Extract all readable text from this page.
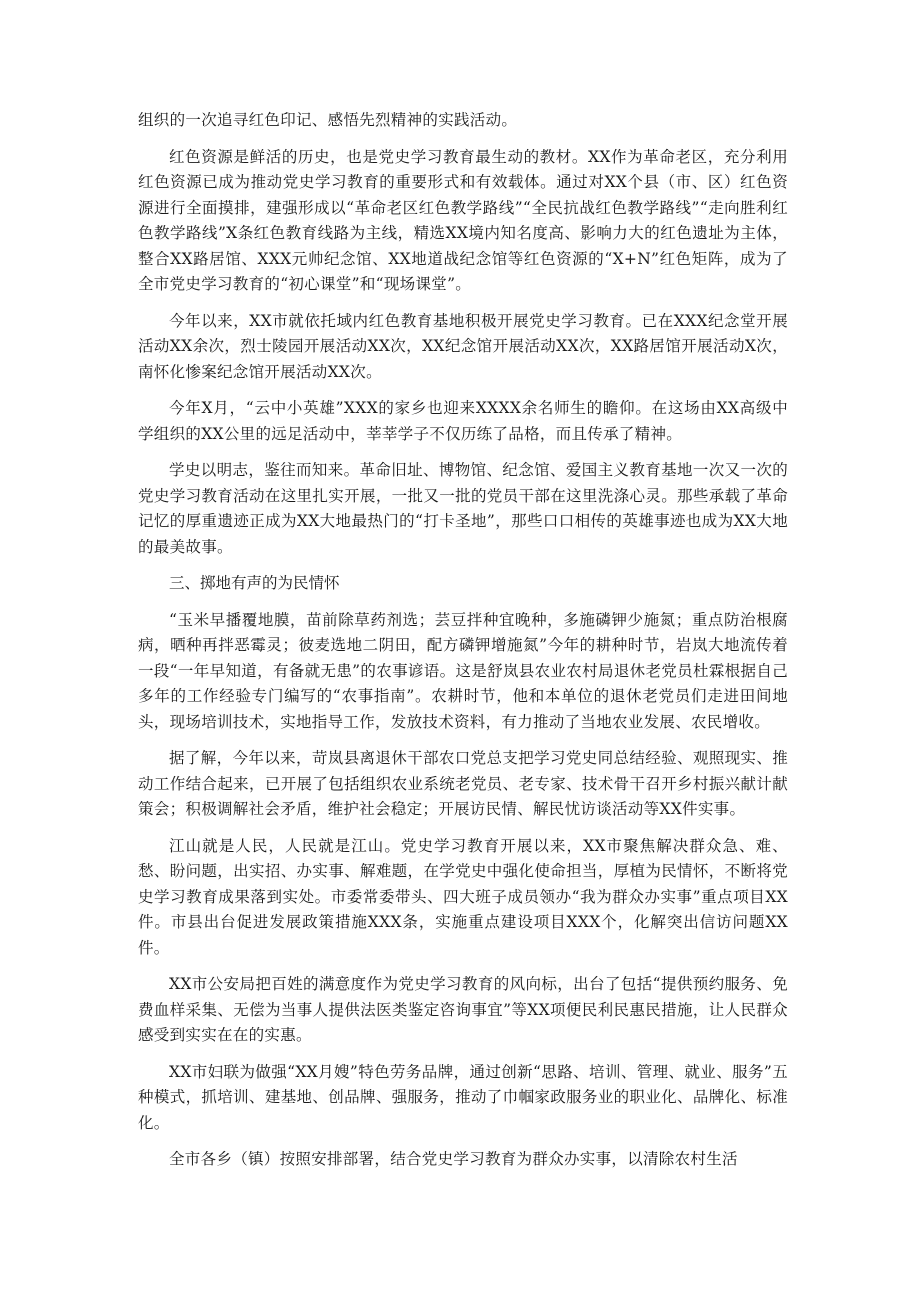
组织的一次追寻红色印记、感悟先烈精神的实践活动。

红色资源是鲜活的历史，也是党史学习教育最生动的教材。XX作为革命老区，充分利用红色资源已成为推动党史学习教育的重要形式和有效载体。通过对XX个县（市、区）红色资源进行全面摸排，建强形成以“革命老区红色教学路线”“全民抗战红色教学路线”“走向胜利红色教学路线”X条红色教育线路为主线，精选XX境内知名度高、影响力大的红色遗址为主体，整合XX路居馆、XXX元帅纪念馆、XX地道战纪念馆等红色资源的“X+N”红色矩阵，成为了全市党史学习教育的“初心课堂”和“现场课堂”。

今年以来，XX市就依托域内红色教育基地积极开展党史学习教育。已在XXX纪念堂开展活动XX余次，烈士陵园开展活动XX次，XX纪念馆开展活动XX次，XX路居馆开展活动X次，南怀化惨案纪念馆开展活动XX次。

今年X月，“云中小英雄”XXX的家乡也迎来XXXX余名师生的瞻仰。在这场由XX高级中学组织的XX公里的远足活动中，莘莘学子不仅历练了品格，而且传承了精神。

学史以明志，鉴往而知来。革命旧址、博物馆、纪念馆、爱国主义教育基地一次又一次的党史学习教育活动在这里扎实开展，一批又一批的党员干部在这里洗涤心灵。那些承载了革命记忆的厚重遗迹正成为XX大地最热门的“打卡圣地”，那些口口相传的英雄事迹也成为XX大地的最美故事。

三、掷地有声的为民情怀

“玉米早播覆地膜，苗前除草药剂选；芸豆拌种宜晚种，多施磷钾少施氮；重点防治根腐病，晒种再拌恶霉灵；彼麦选地二阴田，配方磷钾增施氮”今年的耕种时节，岩岚大地流传着一段“一年早知道，有备就无患”的农事谚语。这是舒岚县农业农村局退休老党员杜霖根据自己多年的工作经验专门编写的“农事指南”。农耕时节，他和本单位的退休老党员们走进田间地头，现场培训技术，实地指导工作，发放技术资料，有力推动了当地农业发展、农民增收。

据了解，今年以来，苛岚县离退休干部农口党总支把学习党史同总结经验、观照现实、推动工作结合起来，已开展了包括组织农业系统老党员、老专家、技术骨干召开乡村振兴献计献策会；积极调解社会矛盾，维护社会稳定；开展访民情、解民忧访谈活动等XX件实事。

江山就是人民，人民就是江山。党史学习教育开展以来，XX市聚焦解决群众急、难、愁、盼问题，出实招、办实事、解难题，在学党史中强化使命担当，厚植为民情怀，不断将党史学习教育成果落到实处。市委常委带头、四大班子成员领办“我为群众办实事”重点项目XX件。市县出台促进发展政策措施XXX条，实施重点建设项目XXX个，化解突出信访问题XX件。

XX市公安局把百姓的满意度作为党史学习教育的风向标，出台了包括“提供预约服务、免费血样采集、无偿为当事人提供法医类鉴定咨询事宜”等XX项便民利民惠民措施，让人民群众感受到实实在在的实惠。

XX市妇联为做强“XX月嫂”特色劳务品牌，通过创新“思路、培训、管理、就业、服务”五种模式，抓培训、建基地、创品牌、强服务，推动了巾帼家政服务业的职业化、品牌化、标准化。

全市各乡（镇）按照安排部署，结合党史学习教育为群众办实事，以清除农村生活
